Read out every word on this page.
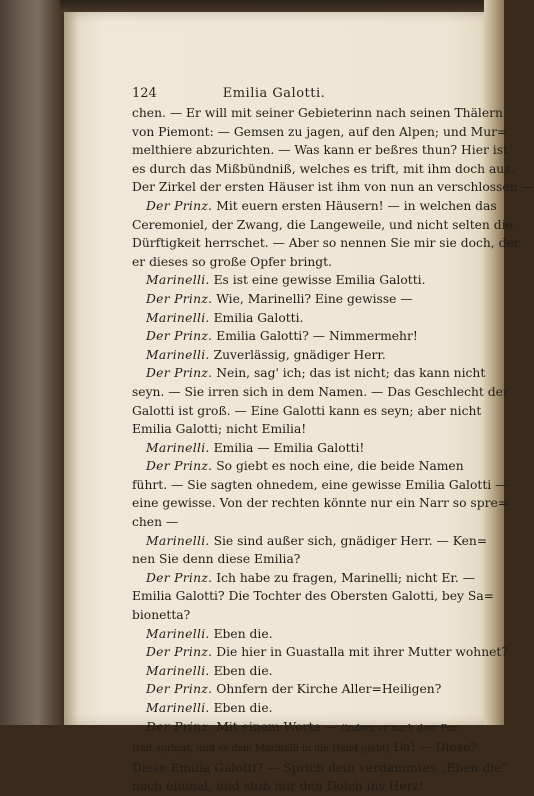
124	Emilia Galotti.
chen. — Er will mit seiner Gebieterinn nach seinen Thälern
von Piemont: — Gemsen zu jagen, auf den Alpen; und Mur=
melthiere abzurichten. — Was kann er beßres thun? Hier ist
es durch das Mißbündniß, welches es trift, mit ihm doch aus.
Der Zirkel der ersten Häuser ist ihm von nun an verschlossen —
Der Prinz. Mit euern ersten Häusern! — in welchen das
Ceremoniel, der Zwang, die Langeweile, und nicht selten die
Dürftigkeit herrschet. — Aber so nennen Sie mir sie doch, der
er dieses so große Opfer bringt.
Marinelli. Es ist eine gewisse Emilia Galotti.
Der Prinz. Wie, Marinelli? Eine gewisse —
Marinelli. Emilia Galotti.
Der Prinz. Emilia Galotti? — Nimmermehr!
Marinelli. Zuverlässig, gnädiger Herr.
Der Prinz. Nein, sag' ich; das ist nicht; das kann nicht
seyn. — Sie irren sich in dem Namen. — Das Geschlecht der
Galotti ist groß. — Eine Galotti kann es seyn; aber nicht
Emilia Galotti; nicht Emilia!
Marinelli. Emilia — Emilia Galotti!
Der Prinz. So giebt es noch eine, die beide Namen
führt. — Sie sagten ohnedem, eine gewisse Emilia Galotti —
eine gewisse. Von der rechten könnte nur ein Narr so spre=
chen —
Marinelli. Sie sind außer sich, gnädiger Herr. — Ken=
nen Sie denn diese Emilia?
Der Prinz. Ich habe zu fragen, Marinelli; nicht Er. —
Emilia Galotti? Die Tochter des Obersten Galotti, bey Sa=
bionetta?
Marinelli. Eben die.
Der Prinz. Die hier in Guastalla mit ihrer Mutter wohnet?
Marinelli. Eben die.
Der Prinz. Ohnfern der Kirche Aller=Heiligen?
Marinelli. Eben die.
Der Prinz. Mit einem Worte — (indem er nach dem Por.
trait springt, und es dem Marinelli in die Hand giebt) Da! — Diese?
Diese Emilia Galotti? — Sprich dein verdammtes „Eben die“
noch einmal, und stoß mir den Dolch ins Herz!
